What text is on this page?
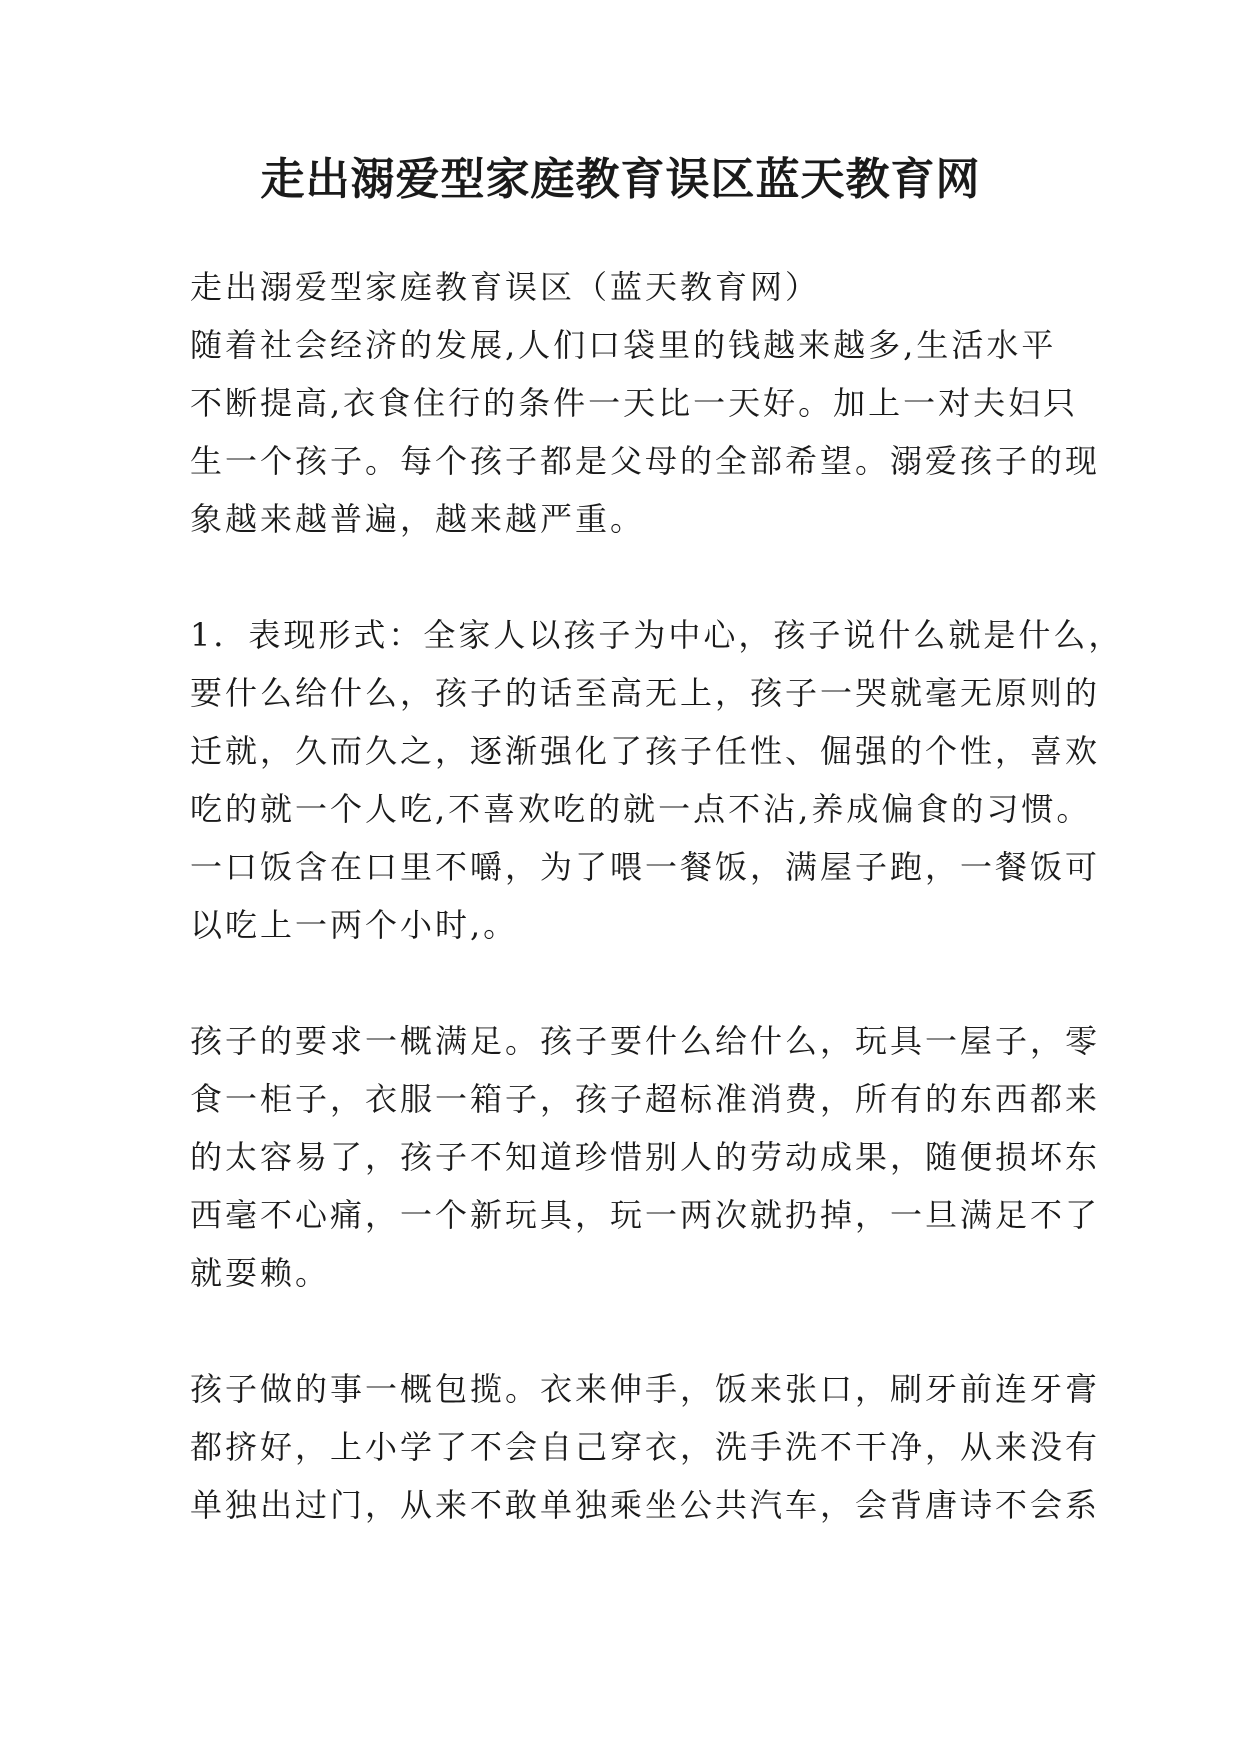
走出溺爱型家庭教育误区蓝天教育网
走出溺爱型家庭教育误区（蓝天教育网）
随着社会经济的发展,人们口袋里的钱越来越多,生活水平
不断提高,衣食住行的条件一天比一天好。加上一对夫妇只
生一个孩子。每个孩子都是父母的全部希望。溺爱孩子的现
象越来越普遍，越来越严重。
1．表现形式：全家人以孩子为中心，孩子说什么就是什么，
要什么给什么，孩子的话至高无上，孩子一哭就毫无原则的
迁就，久而久之，逐渐强化了孩子任性、倔强的个性，喜欢
吃的就一个人吃,不喜欢吃的就一点不沾,养成偏食的习惯。
一口饭含在口里不嚼，为了喂一餐饭，满屋子跑，一餐饭可
以吃上一两个小时,。
孩子的要求一概满足。孩子要什么给什么，玩具一屋子，零
食一柜子，衣服一箱子，孩子超标准消费，所有的东西都来
的太容易了，孩子不知道珍惜别人的劳动成果，随便损坏东
西毫不心痛，一个新玩具，玩一两次就扔掉，一旦满足不了
就耍赖。
孩子做的事一概包揽。衣来伸手，饭来张口，刷牙前连牙膏
都挤好，上小学了不会自己穿衣，洗手洗不干净，从来没有
单独出过门，从来不敢单独乘坐公共汽车，会背唐诗不会系
